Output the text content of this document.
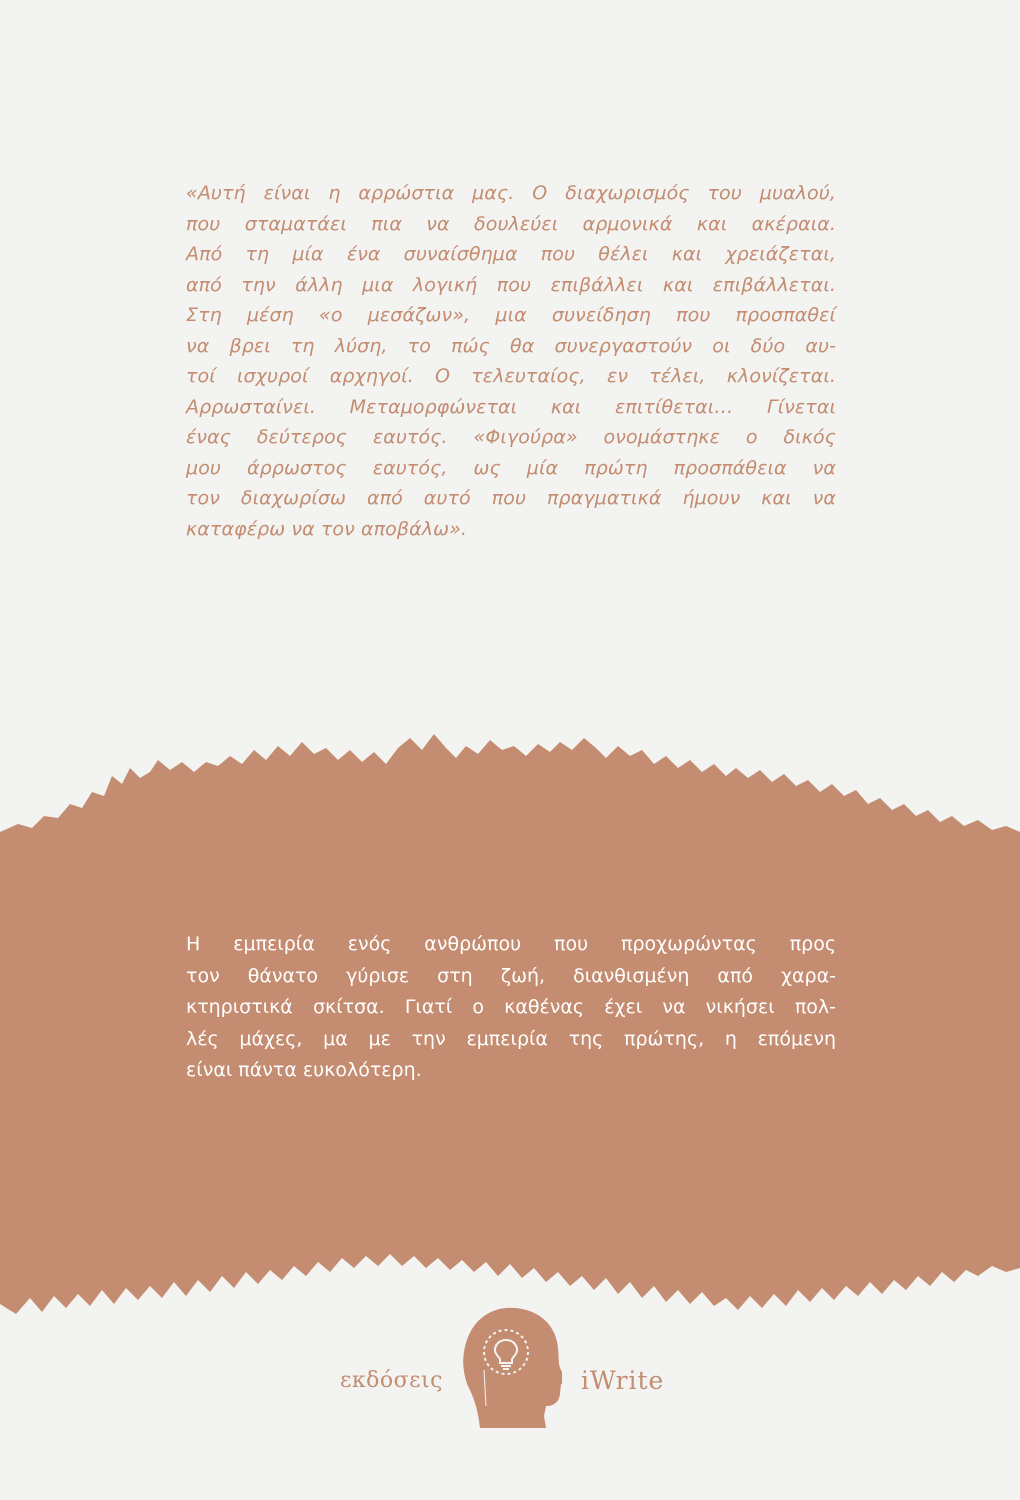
«Αυτή είναι η αρρώστια μας. Ο διαχωρισμός του μυαλού,
που σταματάει πια να δουλεύει αρμονικά και ακέραια.
Από τη μία ένα συναίσθημα που θέλει και χρειάζεται,
από την άλλη μια λογική που επιβάλλει και επιβάλλεται.
Στη μέση «ο μεσάζων», μια συνείδηση που προσπαθεί
να βρει τη λύση, το πώς θα συνεργαστούν οι δύο αυ-
τοί ισχυροί αρχηγοί. Ο τελευταίος, εν τέλει, κλονίζεται.
Αρρωσταίνει. Μεταμορφώνεται και επιτίθεται… Γίνεται
ένας δεύτερος εαυτός. «Φιγούρα» ονομάστηκε ο δικός
μου άρρωστος εαυτός, ως μία πρώτη προσπάθεια να
τον διαχωρίσω από αυτό που πραγματικά ήμουν και να
καταφέρω να τον αποβάλω».

Η εμπειρία ενός ανθρώπου που προχωρώντας προς
τον θάνατο γύρισε στη ζωή, διανθισμένη από χαρα-
κτηριστικά σκίτσα. Γιατί ο καθένας έχει να νικήσει πολ-
λές μάχες, μα με την εμπειρία της πρώτης, η επόμενη
είναι πάντα ευκολότερη.

εκδόσεις	iWrite
